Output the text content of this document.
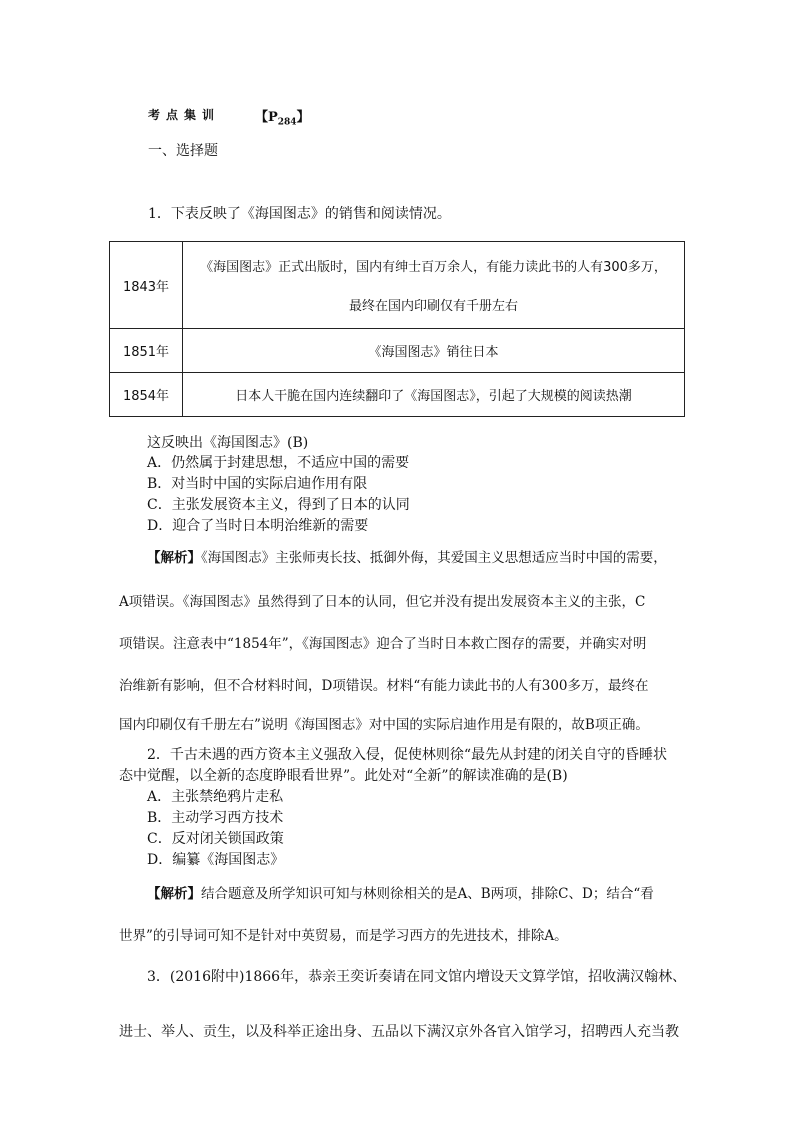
考点集训	【$P_{284}$】
一、选择题
1．下表反映了《海国图志》的销售和阅读情况。
1843年	《海国图志》正式出版时，国内有绅士百万余人，有能力读此书的人有300多万，
最终在国内印刷仅有千册左右
1851年	《海国图志》销往日本
1854年	日本人干脆在国内连续翻印了《海国图志》，引起了大规模的阅读热潮
这反映出《海国图志》(B)
A．仍然属于封建思想，不适应中国的需要
B．对当时中国的实际启迪作用有限
C．主张发展资本主义，得到了日本的认同
D．迎合了当时日本明治维新的需要
【解析】《海国图志》主张师夷长技、抵御外侮，其爱国主义思想适应当时中国的需要，
A项错误。《海国图志》虽然得到了日本的认同，但它并没有提出发展资本主义的主张，C
项错误。注意表中“1854年”，《海国图志》迎合了当时日本救亡图存的需要，并确实对明
治维新有影响，但不合材料时间，D项错误。材料“有能力读此书的人有300多万，最终在
国内印刷仅有千册左右”说明《海国图志》对中国的实际启迪作用是有限的，故B项正确。
2．千古未遇的西方资本主义强敌入侵，促使林则徐“最先从封建的闭关自守的昏睡状
态中觉醒，以全新的态度睁眼看世界”。此处对“全新”的解读准确的是(B)
A．主张禁绝鸦片走私
B．主动学习西方技术
C．反对闭关锁国政策
D．编纂《海国图志》
【解析】结合题意及所学知识可知与林则徐相关的是A、B两项，排除C、D；结合“看
世界”的引导词可知不是针对中英贸易，而是学习西方的先进技术，排除A。
3．(2016附中)1866年，恭亲王奕䜣奏请在同文馆内增设天文算学馆，招收满汉翰林、
进士、举人、贡生，以及科举正途出身、五品以下满汉京外各官入馆学习，招聘西人充当教
